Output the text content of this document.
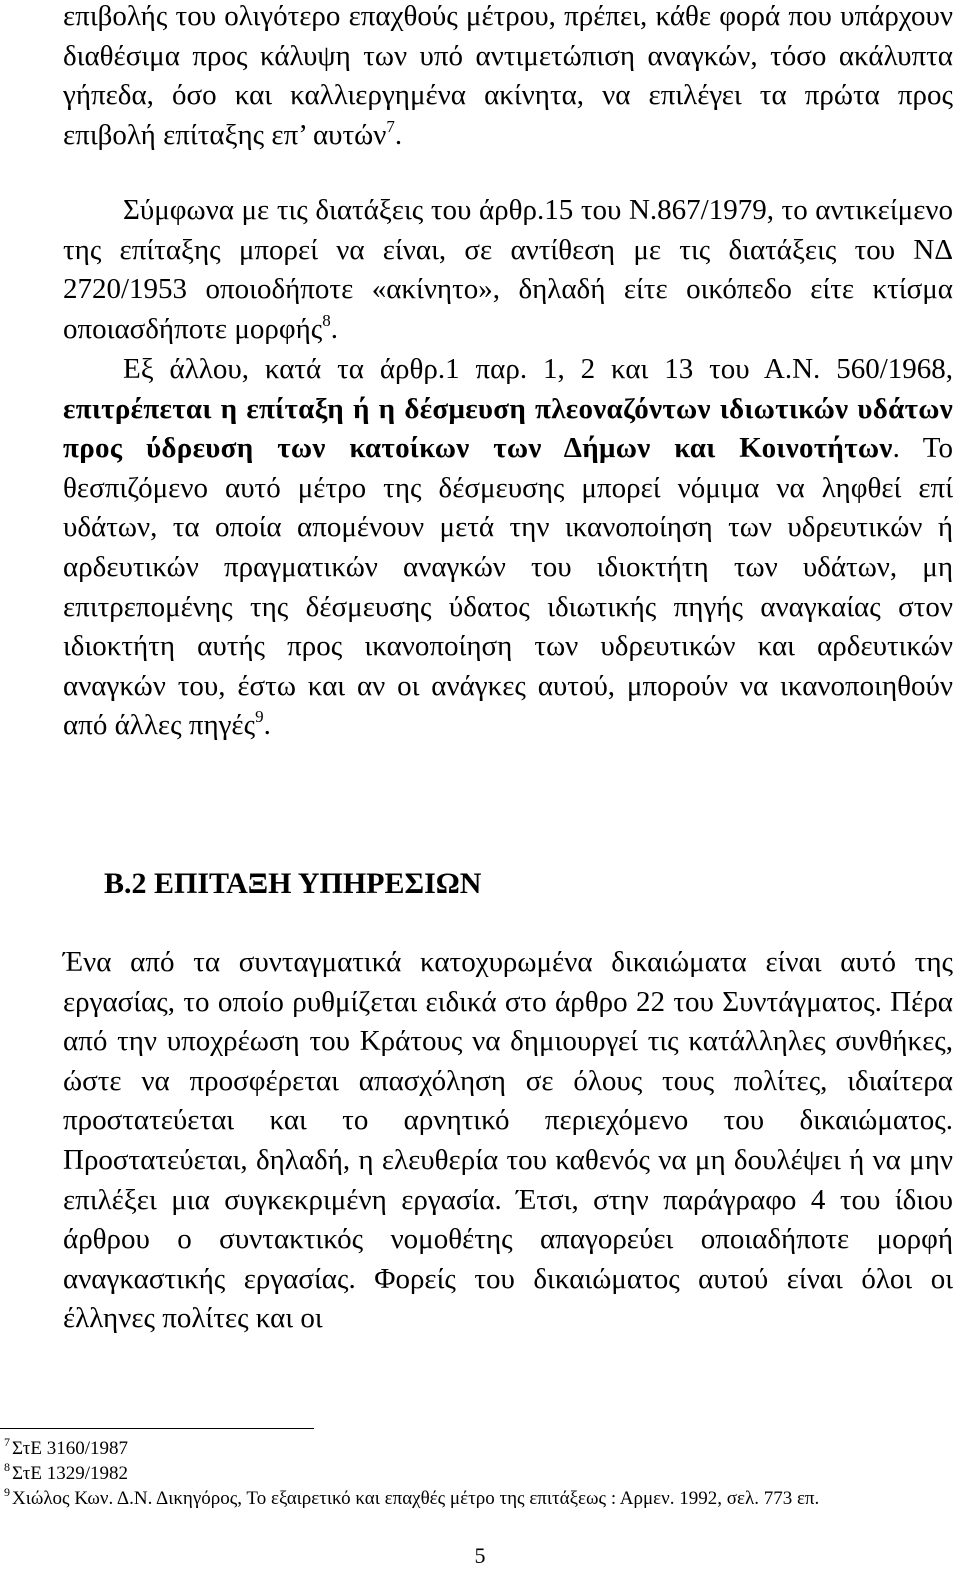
επιβολής του ολιγότερο επαχθούς μέτρου, πρέπει, κάθε φορά που υπάρχουν διαθέσιμα προς κάλυψη των υπό αντιμετώπιση αναγκών, τόσο ακάλυπτα γήπεδα, όσο και καλλιεργημένα ακίνητα, να επιλέγει τα πρώτα προς επιβολή επίταξης επ’ αυτών$^7$.

Σύμφωνα με τις διατάξεις του άρθρ.15 του Ν.867/1979, το αντικείμενο της επίταξης μπορεί να είναι, σε αντίθεση με τις διατάξεις του ΝΔ 2720/1953 οποιοδήποτε «ακίνητο», δηλαδή είτε οικόπεδο είτε κτίσμα οποιασδήποτε μορφής$^8$.

Εξ άλλου, κατά τα άρθρ.1 παρ. 1, 2 και 13 του Α.Ν. 560/1968, επιτρέπεται η επίταξη ή η δέσμευση πλεοναζόντων ιδιωτικών υδάτων προς ύδρευση των κατοίκων των Δήμων και Κοινοτήτων. Το θεσπιζόμενο αυτό μέτρο της δέσμευσης μπορεί νόμιμα να ληφθεί επί υδάτων, τα οποία απομένουν μετά την ικανοποίηση των υδρευτικών ή αρδευτικών πραγματικών αναγκών του ιδιοκτήτη των υδάτων, μη επιτρεπομένης της δέσμευσης ύδατος ιδιωτικής πηγής αναγκαίας στον ιδιοκτήτη αυτής προς ικανοποίηση των υδρευτικών και αρδευτικών αναγκών του, έστω και αν οι ανάγκες αυτού, μπορούν να ικανοποιηθούν από άλλες πηγές$^9$.

Β.2 ΕΠΙΤΑΞΗ ΥΠΗΡΕΣΙΩΝ

Ένα από τα συνταγματικά κατοχυρωμένα δικαιώματα είναι αυτό της εργασίας, το οποίο ρυθμίζεται ειδικά στο άρθρο 22 του Συντάγματος. Πέρα από την υποχρέωση του Κράτους να δημιουργεί τις κατάλληλες συνθήκες, ώστε να προσφέρεται απασχόληση σε όλους τους πολίτες, ιδιαίτερα προστατεύεται και το αρνητικό περιεχόμενο του δικαιώματος. Προστατεύεται, δηλαδή, η ελευθερία του καθενός να μη δουλέψει ή να μην επιλέξει μια συγκεκριμένη εργασία. Έτσι, στην παράγραφο 4 του ίδιου άρθρου ο συντακτικός νομοθέτης απαγορεύει οποιαδήποτε μορφή αναγκαστικής εργασίας. Φορείς του δικαιώματος αυτού είναι όλοι οι έλληνες πολίτες και οι

$^7$ ΣτΕ 3160/1987

$^8$ ΣτΕ 1329/1982

$^9$ Χιώλος Κων. Δ.Ν. Δικηγόρος, Το εξαιρετικό και επαχθές μέτρο της επιτάξεως : Αρμεν. 1992, σελ. 773 επ.

5
